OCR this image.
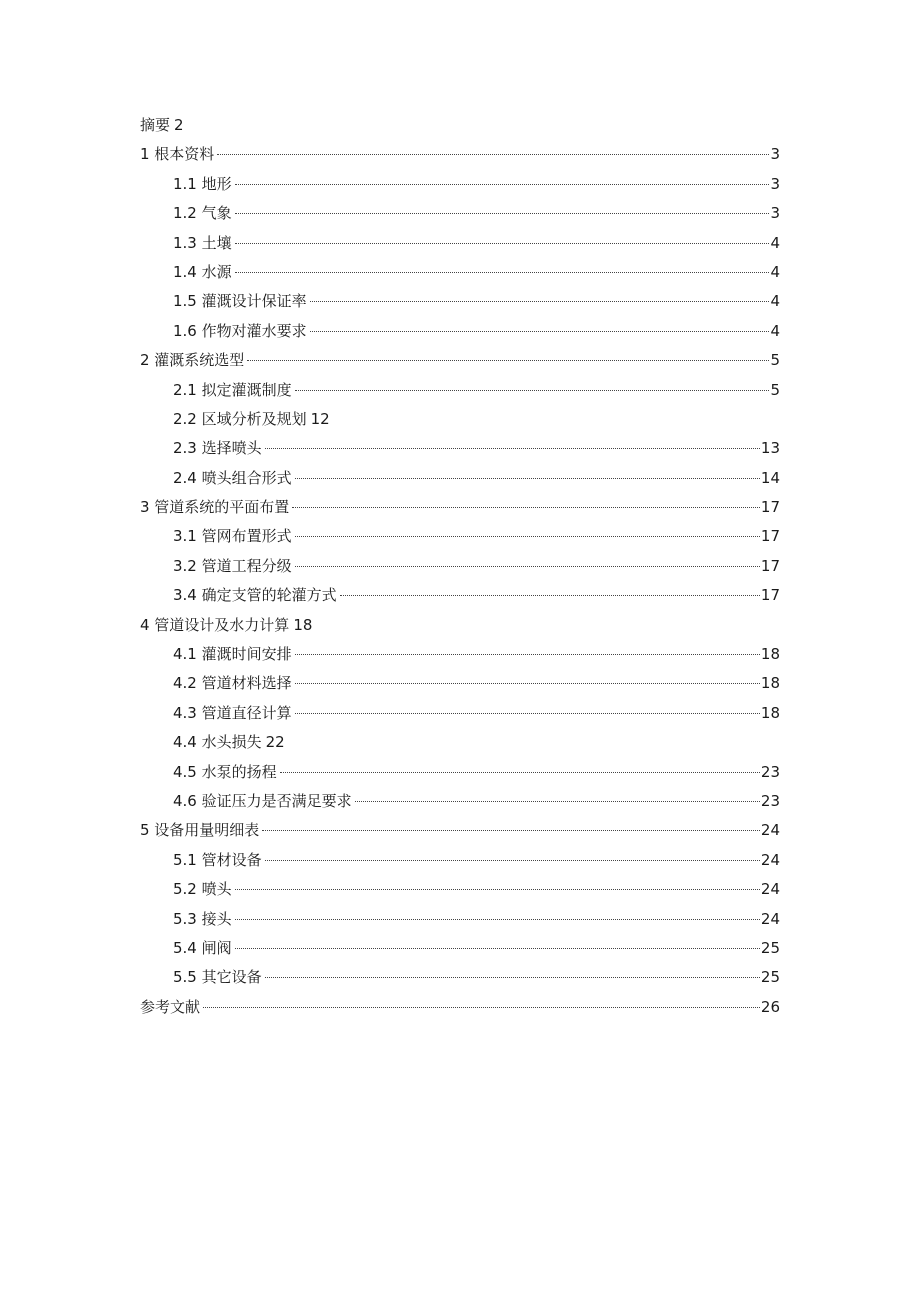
摘要 2
1 根本资料	3
1.1 地形	3
1.2 气象	3
1.3 土壤	4
1.4 水源	4
1.5 灌溉设计保证率	4
1.6 作物对灌水要求	4
2 灌溉系统选型	5
2.1 拟定灌溉制度	5
2.2 区域分析及规划 12
2.3 选择喷头	13
2.4 喷头组合形式	14
3 管道系统的平面布置	17
3.1 管网布置形式	17
3.2 管道工程分级	17
3.4 确定支管的轮灌方式	17
4 管道设计及水力计算 18
4.1 灌溉时间安排	18
4.2 管道材料选择	18
4.3 管道直径计算	18
4.4 水头损失 22
4.5 水泵的扬程	23
4.6 验证压力是否满足要求	23
5 设备用量明细表	24
5.1 管材设备	24
5.2 喷头	24
5.3 接头	24
5.4 闸阀	25
5.5 其它设备	25
参考文献	26
